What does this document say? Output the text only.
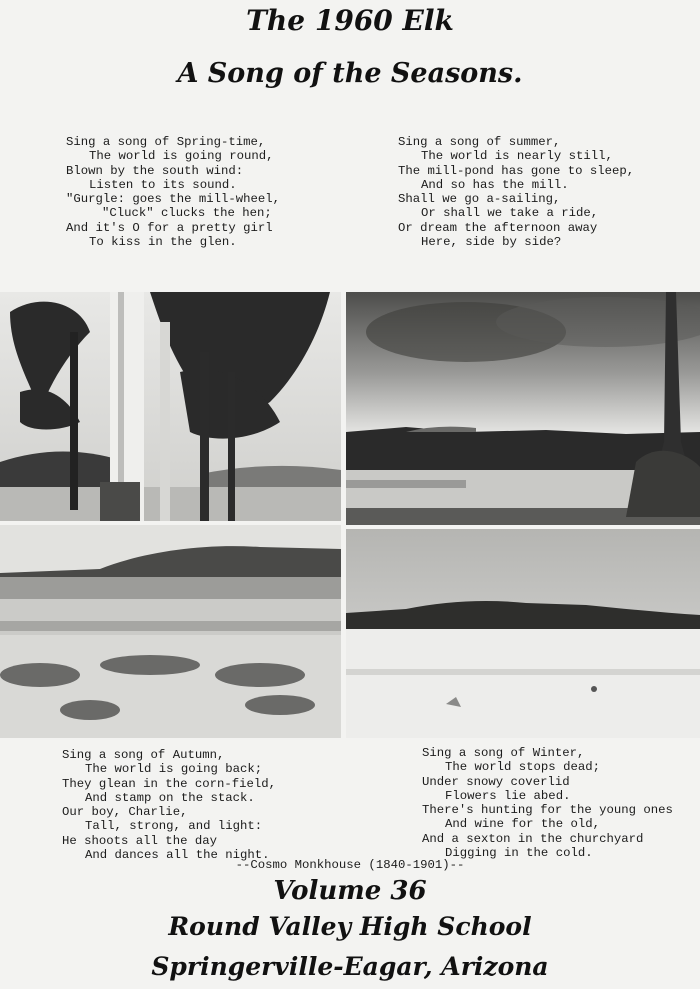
The 1960 Elk
A Song of the Seasons.
Sing a song of Spring-time,
The world is going round,
Blown by the south wind:
Listen to its sound.
"Gurgle: goes the mill-wheel,
"Cluck" clucks the hen;
And it's O for a pretty girl
To kiss in the glen.
Sing a song of summer,
The world is nearly still,
The mill-pond has gone to sleep,
And so has the mill.
Shall we go a-sailing,
Or shall we take a ride,
Or dream the afternoon away
Here, side by side?
Sing a song of Autumn,
The world is going back;
They glean in the corn-field,
And stamp on the stack.
Our boy, Charlie,
Tall, strong, and light:
He shoots all the day
And dances all the night.
Sing a song of Winter,
The world stops dead;
Under snowy coverlid
Flowers lie abed.
There's hunting for the young ones
And wine for the old,
And a sexton in the churchyard
Digging in the cold.
--Cosmo Monkhouse (1840-1901)--
Volume 36
Round Valley High School
Springerville-Eagar, Arizona
